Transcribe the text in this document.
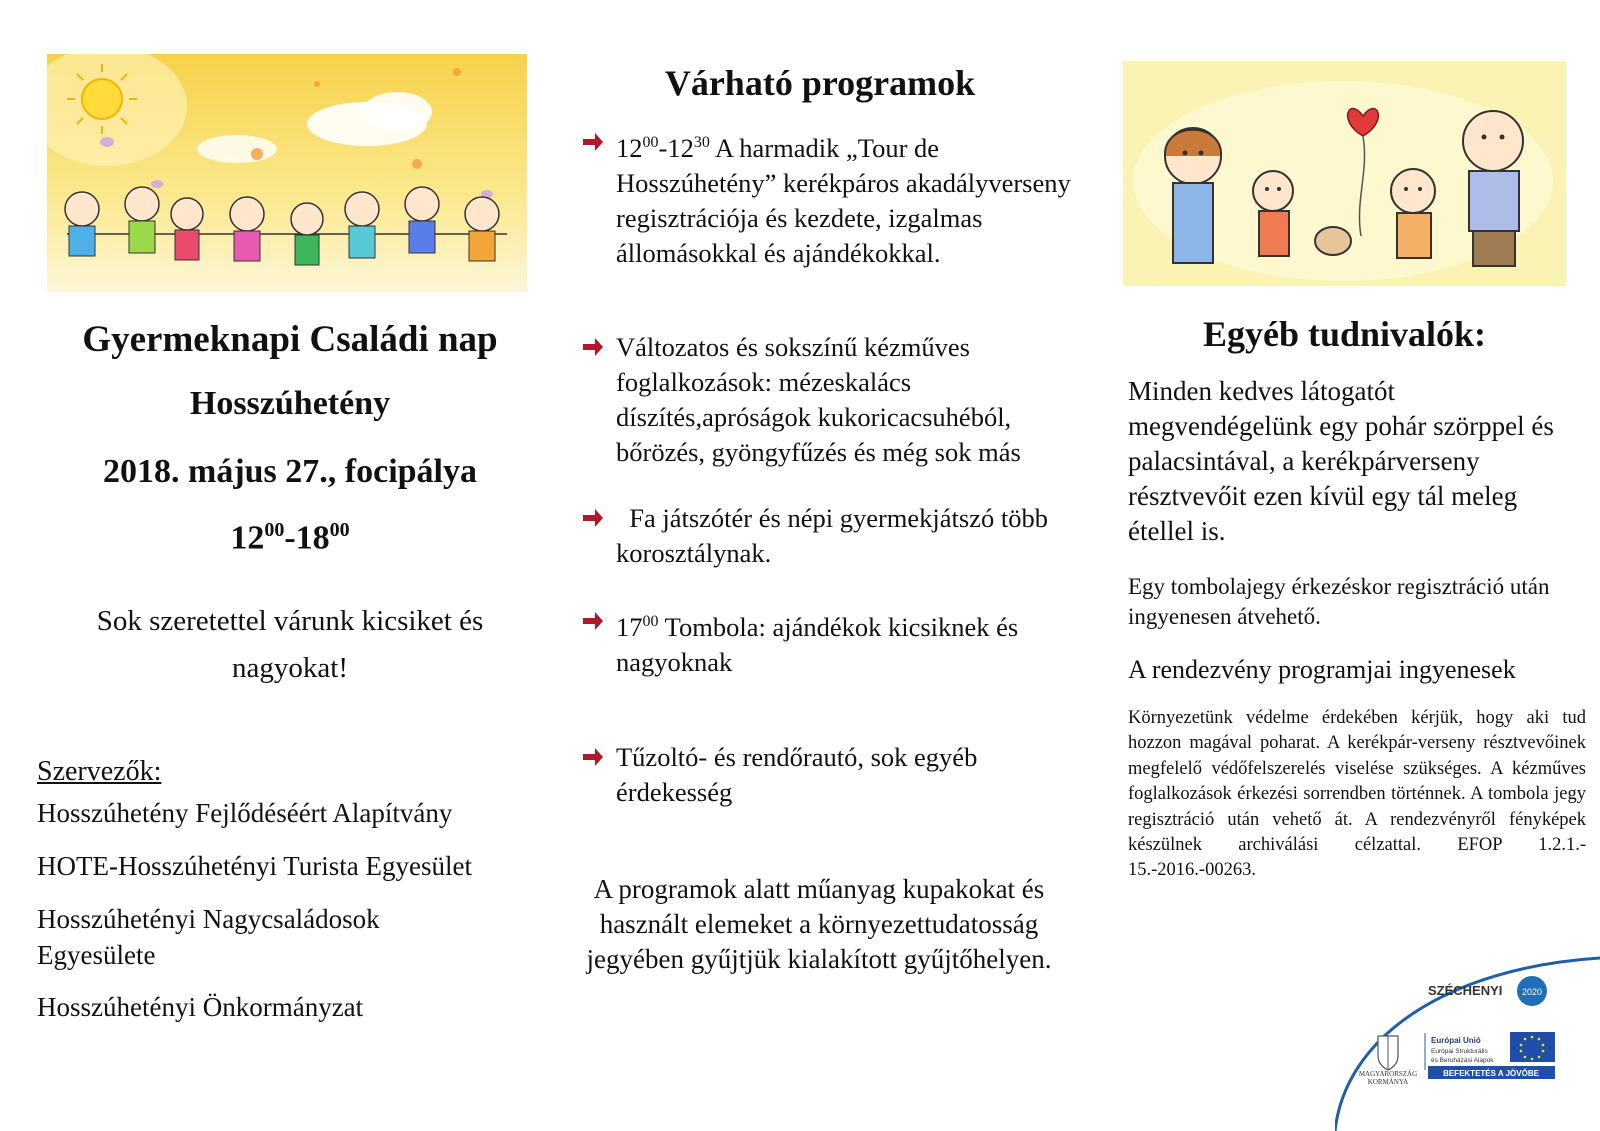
Gyermeknapi Családi nap
Hosszúhetény
2018. május 27., focipálya
$12^{00}-18^{00}$
Sok szeretettel várunk kicsiket és nagyokat!
Szervezők:
Hosszúhetény Fejlődéséért Alapítvány
HOTE-Hosszúhetényi Turista Egyesület
Hosszúhetényi Nagycsaládosok Egyesülete
Hosszúhetényi Önkormányzat
Várható programok
$12^{00}-12^{30}$ A harmadik „Tour de Hosszúhetény” kerékpáros akadályverseny regisztrációja és kezdete, izgalmas állomásokkal és ajándékokkal.
Változatos és sokszínű kézműves foglalkozások: mézeskalács díszítés,apróságok kukoricacsuhéból, bőrözés, gyöngyfűzés és még sok más
Fa játszótér és népi gyermekjátszó több korosztálynak.
$17^{00}$ Tombola: ajándékok kicsiknek és nagyoknak
Tűzoltó- és rendőrautó, sok egyéb érdekesség
A programok alatt műanyag kupakokat és használt elemeket a környezettudatosság jegyében gyűjtjük kialakított gyűjtőhelyen.
Egyéb tudnivalók:
Minden kedves látogatót megvendégelünk egy pohár szörppel és palacsintával, a kerékpárverseny résztvevőit ezen kívül egy tál meleg étellel is.
Egy tombolajegy érkezéskor regisztráció után ingyenesen átvehető.
A rendezvény programjai ingyenesek
Környezetünk védelme érdekében kérjük, hogy aki tud hozzon magával poharat. A kerékpár-verseny résztvevőinek megfelelő védőfelszerelés viselése szükséges. A kézműves foglalkozások érkezési sorrendben történnek. A tombola jegy regisztráció után vehető át. A rendezvényről fényképek készülnek archiválási célzattal. EFOP 1.2.1.- 15.-2016.-00263.
SZÉCHENYI 2020
MAGYARORSZÁG
KORMÁNYA
Európai Unió
Európai Strukturális
és Beruházási Alapok
BEFEKTETÉS A JÖVŐBE
